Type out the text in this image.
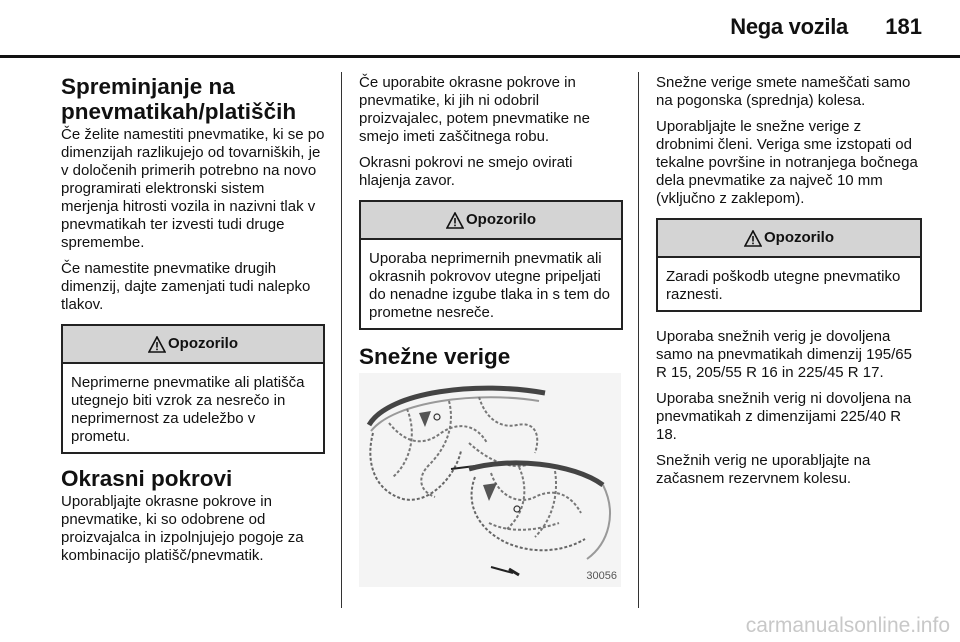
Nega vozila	181
Spreminjanje na pnevmatikah/platiščih

Če želite namestiti pnevmatike, ki se po dimenzijah razlikujejo od tovarniških, je v določenih primerih potrebno na novo programirati elektronski sistem merjenja hitrosti vozila in nazivni tlak v pnevmatikah ter izvesti tudi druge spremembe.

Če namestite pnevmatike drugih dimenzij, dajte zamenjati tudi nalepko tlakov.

Opozorilo
Neprimerne pnevmatike ali platišča utegnejo biti vzrok za nesrečo in neprimernost za udeležbo v prometu.
Okrasni pokrovi

Uporabljajte okrasne pokrove in pnevmatike, ki so odobrene od proizvajalca in izpolnjujejo pogoje za kombinacijo platišč/pnevmatik.

Če uporabite okrasne pokrove in pnevmatike, ki jih ni odobril proizvajalec, potem pnevmatike ne smejo imeti zaščitnega robu.

Okrasni pokrovi ne smejo ovirati hlajenja zavor.

Opozorilo
Uporaba neprimernih pnevmatik ali okrasnih pokrovov utegne pripeljati do nenadne izgube tlaka in s tem do prometne nesreče.
Snežne verige
30056

Snežne verige smete nameščati samo na pogonska (sprednja) kolesa.

Uporabljajte le snežne verige z drobnimi členi. Veriga sme izstopati od tekalne površine in notranjega bočnega dela pnevmatike za največ 10 mm (vključno z zaklepom).

Opozorilo
Zaradi poškodb utegne pnevmatiko raznesti.

Uporaba snežnih verig je dovoljena samo na pnevmatikah dimenzij 195/65 R 15, 205/55 R 16 in 225/45 R 17.

Uporaba snežnih verig ni dovoljena na pnevmatikah z dimenzijami 225/40 R 18.

Snežnih verig ne uporabljajte na začasnem rezervnem kolesu.

carmanualsonline.info
